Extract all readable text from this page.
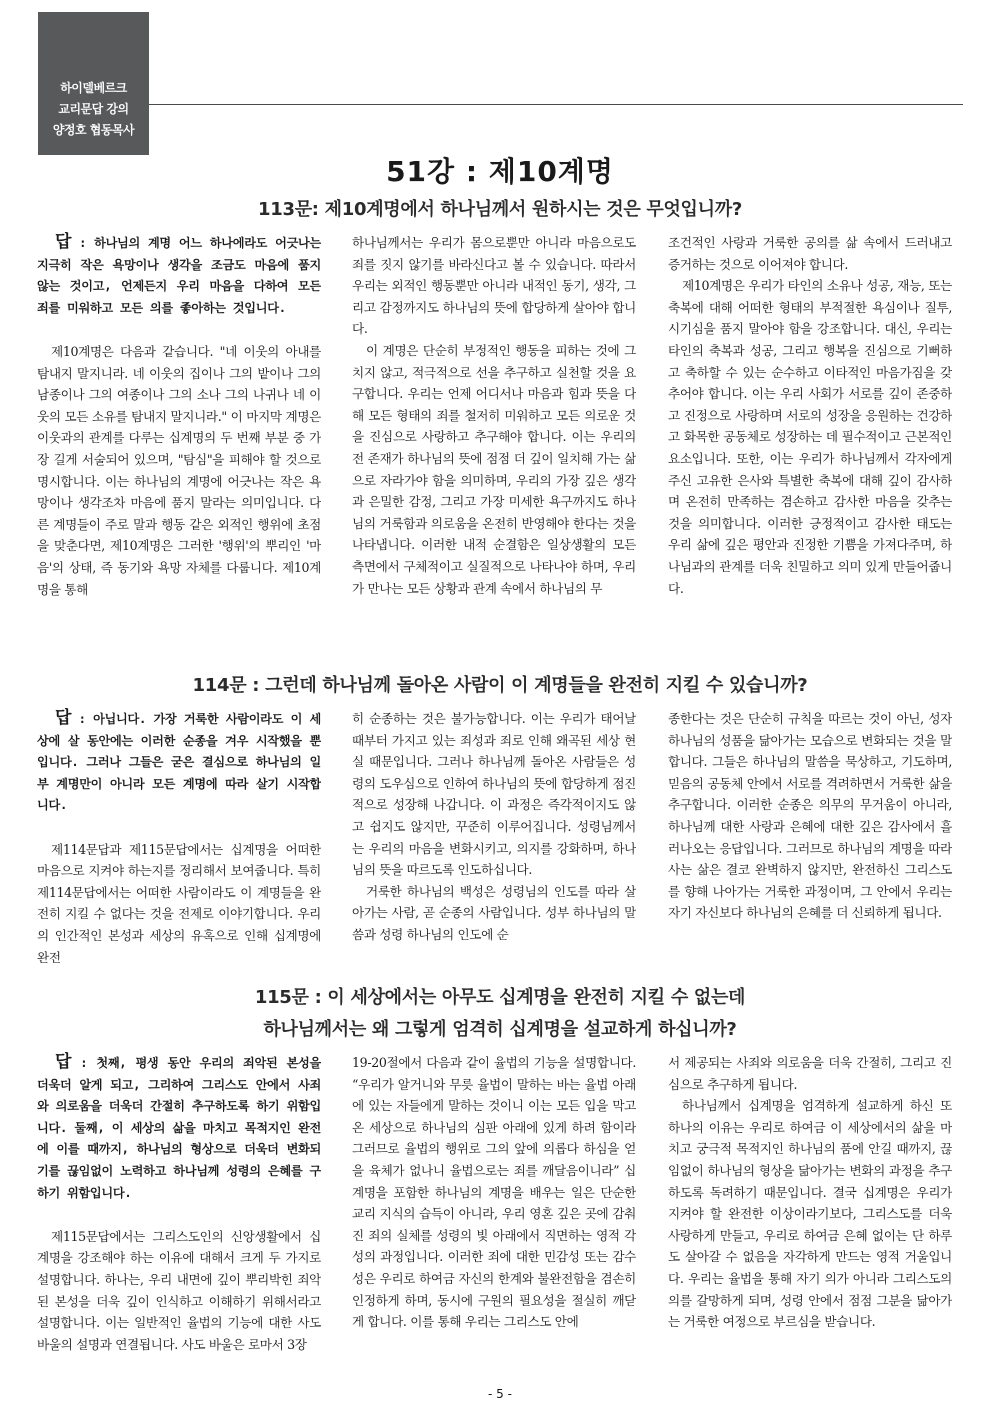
하이델베르크
교리문답 강의
양정호 협동목사
51강 : 제10계명
113문: 제10계명에서 하나님께서 원하시는 것은 무엇입니까?

답 : 하나님의 계명 어느 하나에라도 어긋나는 지극히 작은 욕망이나 생각을 조금도 마음에 품지 않는 것이고, 언제든지 우리 마음을 다하여 모든 죄를 미워하고 모든 의를 좋아하는 것입니다.

제10계명은 다음과 같습니다. "네 이웃의 아내를 탐내지 말지니라. 네 이웃의 집이나 그의 밭이나 그의 남종이나 그의 여종이나 그의 소나 그의 나귀나 네 이웃의 모든 소유를 탐내지 말지니라." 이 마지막 계명은 이웃과의 관계를 다루는 십계명의 두 번째 부분 중 가장 길게 서술되어 있으며, "탐심"을 피해야 할 것으로 명시합니다. 이는 하나님의 계명에 어긋나는 작은 욕망이나 생각조차 마음에 품지 말라는 의미입니다. 다른 계명들이 주로 말과 행동 같은 외적인 행위에 초점을 맞춘다면, 제10계명은 그러한 '행위'의 뿌리인 '마음'의 상태, 즉 동기와 욕망 자체를 다룹니다. 제10계명을 통해

하나님께서는 우리가 몸으로뿐만 아니라 마음으로도 죄를 짓지 않기를 바라신다고 볼 수 있습니다. 따라서 우리는 외적인 행동뿐만 아니라 내적인 동기, 생각, 그리고 감정까지도 하나님의 뜻에 합당하게 살아야 합니다.

이 계명은 단순히 부정적인 행동을 피하는 것에 그치지 않고, 적극적으로 선을 추구하고 실천할 것을 요구합니다. 우리는 언제 어디서나 마음과 힘과 뜻을 다해 모든 형태의 죄를 철저히 미워하고 모든 의로운 것을 진심으로 사랑하고 추구해야 합니다. 이는 우리의 전 존재가 하나님의 뜻에 점점 더 깊이 일치해 가는 삶으로 자라가야 함을 의미하며, 우리의 가장 깊은 생각과 은밀한 감정, 그리고 가장 미세한 욕구까지도 하나님의 거룩함과 의로움을 온전히 반영해야 한다는 것을 나타냅니다. 이러한 내적 순결함은 일상생활의 모든 측면에서 구체적이고 실질적으로 나타나야 하며, 우리가 만나는 모든 상황과 관계 속에서 하나님의 무

조건적인 사랑과 거룩한 공의를 삶 속에서 드러내고 증거하는 것으로 이어져야 합니다.

제10계명은 우리가 타인의 소유나 성공, 재능, 또는 축복에 대해 어떠한 형태의 부적절한 욕심이나 질투, 시기심을 품지 말아야 함을 강조합니다. 대신, 우리는 타인의 축복과 성공, 그리고 행복을 진심으로 기뻐하고 축하할 수 있는 순수하고 이타적인 마음가짐을 갖추어야 합니다. 이는 우리 사회가 서로를 깊이 존중하고 진정으로 사랑하며 서로의 성장을 응원하는 건강하고 화목한 공동체로 성장하는 데 필수적이고 근본적인 요소입니다. 또한, 이는 우리가 하나님께서 각자에게 주신 고유한 은사와 특별한 축복에 대해 깊이 감사하며 온전히 만족하는 겸손하고 감사한 마음을 갖추는 것을 의미합니다. 이러한 긍정적이고 감사한 태도는 우리 삶에 깊은 평안과 진정한 기쁨을 가져다주며, 하나님과의 관계를 더욱 친밀하고 의미 있게 만들어줍니다.

114문 : 그런데 하나님께 돌아온 사람이 이 계명들을 완전히 지킬 수 있습니까?

답 : 아닙니다. 가장 거룩한 사람이라도 이 세상에 살 동안에는 이러한 순종을 겨우 시작했을 뿐입니다. 그러나 그들은 굳은 결심으로 하나님의 일부 계명만이 아니라 모든 계명에 따라 살기 시작합니다.

제114문답과 제115문답에서는 십계명을 어떠한 마음으로 지켜야 하는지를 정리해서 보여줍니다. 특히 제114문답에서는 어떠한 사람이라도 이 계명들을 완전히 지킬 수 없다는 것을 전제로 이야기합니다. 우리의 인간적인 본성과 세상의 유혹으로 인해 십계명에 완전

히 순종하는 것은 불가능합니다. 이는 우리가 태어날 때부터 가지고 있는 죄성과 죄로 인해 왜곡된 세상 현실 때문입니다. 그러나 하나님께 돌아온 사람들은 성령의 도우심으로 인하여 하나님의 뜻에 합당하게 점진적으로 성장해 나갑니다. 이 과정은 즉각적이지도 않고 쉽지도 않지만, 꾸준히 이루어집니다. 성령님께서는 우리의 마음을 변화시키고, 의지를 강화하며, 하나님의 뜻을 따르도록 인도하십니다.

거룩한 하나님의 백성은 성령님의 인도를 따라 살아가는 사람, 곧 순종의 사람입니다. 성부 하나님의 말씀과 성령 하나님의 인도에 순

종한다는 것은 단순히 규칙을 따르는 것이 아닌, 성자 하나님의 성품을 닮아가는 모습으로 변화되는 것을 말합니다. 그들은 하나님의 말씀을 묵상하고, 기도하며, 믿음의 공동체 안에서 서로를 격려하면서 거룩한 삶을 추구합니다. 이러한 순종은 의무의 무거움이 아니라, 하나님께 대한 사랑과 은혜에 대한 깊은 감사에서 흘러나오는 응답입니다. 그러므로 하나님의 계명을 따라 사는 삶은 결코 완벽하지 않지만, 완전하신 그리스도를 향해 나아가는 거룩한 과정이며, 그 안에서 우리는 자기 자신보다 하나님의 은혜를 더 신뢰하게 됩니다.

115문 : 이 세상에서는 아무도 십계명을 완전히 지킬 수 없는데
하나님께서는 왜 그렇게 엄격히 십계명을 설교하게 하십니까?

답 : 첫째, 평생 동안 우리의 죄악된 본성을 더욱더 알게 되고, 그리하여 그리스도 안에서 사죄와 의로움을 더욱더 간절히 추구하도록 하기 위함입니다. 둘째, 이 세상의 삶을 마치고 목적지인 완전에 이를 때까지, 하나님의 형상으로 더욱더 변화되기를 끊임없이 노력하고 하나님께 성령의 은혜를 구하기 위함입니다.

제115문답에서는 그리스도인의 신앙생활에서 십계명을 강조해야 하는 이유에 대해서 크게 두 가지로 설명합니다. 하나는, 우리 내면에 깊이 뿌리박힌 죄악된 본성을 더욱 깊이 인식하고 이해하기 위해서라고 설명합니다. 이는 일반적인 율법의 기능에 대한 사도 바울의 설명과 연결됩니다. 사도 바울은 로마서 3장

19-20절에서 다음과 같이 율법의 기능을 설명합니다. “우리가 알거니와 무릇 율법이 말하는 바는 율법 아래에 있는 자들에게 말하는 것이니 이는 모든 입을 막고 온 세상으로 하나님의 심판 아래에 있게 하려 함이라 그러므로 율법의 행위로 그의 앞에 의롭다 하심을 얻을 육체가 없나니 율법으로는 죄를 깨달음이니라” 십계명을 포함한 하나님의 계명을 배우는 일은 단순한 교리 지식의 습득이 아니라, 우리 영혼 깊은 곳에 감춰진 죄의 실체를 성령의 빛 아래에서 직면하는 영적 각성의 과정입니다. 이러한 죄에 대한 민감성 또는 감수성은 우리로 하여금 자신의 한계와 불완전함을 겸손히 인정하게 하며, 동시에 구원의 필요성을 절실히 깨닫게 합니다. 이를 통해 우리는 그리스도 안에

서 제공되는 사죄와 의로움을 더욱 간절히, 그리고 진심으로 추구하게 됩니다.

하나님께서 십계명을 엄격하게 설교하게 하신 또 하나의 이유는 우리로 하여금 이 세상에서의 삶을 마치고 궁극적 목적지인 하나님의 품에 안길 때까지, 끊임없이 하나님의 형상을 닮아가는 변화의 과정을 추구하도록 독려하기 때문입니다. 결국 십계명은 우리가 지켜야 할 완전한 이상이라기보다, 그리스도를 더욱 사랑하게 만들고, 우리로 하여금 은혜 없이는 단 하루도 살아갈 수 없음을 자각하게 만드는 영적 거울입니다. 우리는 율법을 통해 자기 의가 아니라 그리스도의 의를 갈망하게 되며, 성령 안에서 점점 그분을 닮아가는 거룩한 여정으로 부르심을 받습니다.

- 5 -
